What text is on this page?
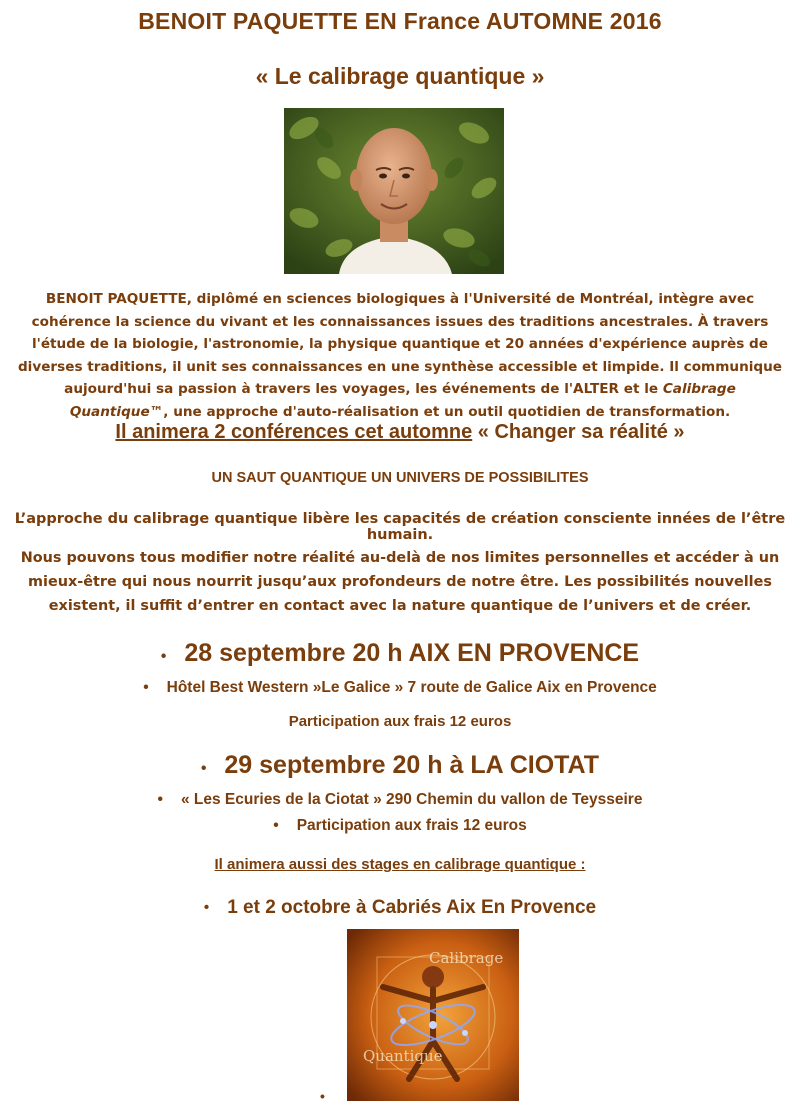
BENOIT PAQUETTE EN France AUTOMNE 2016
« Le calibrage quantique »
BENOIT PAQUETTE, diplômé en sciences biologiques à l'Université de Montréal, intègre avec cohérence la science du vivant et les connaissances issues des traditions ancestrales. À travers l'étude de la biologie, l'astronomie, la physique quantique et 20 années d'expérience auprès de diverses traditions, il unit ses connaissances en une synthèse accessible et limpide. Il communique aujourd'hui sa passion à travers les voyages, les événements de l'ALTER et le Calibrage Quantique™, une approche d'auto-réalisation et un outil quotidien de transformation.
Il animera 2 conférences cet automne « Changer sa réalité »
UN SAUT QUANTIQUE UN UNIVERS DE POSSIBILITES
L’approche du calibrage quantique libère les capacités de création consciente innées de l’être humain.
Nous pouvons tous modifier notre réalité au-delà de nos limites personnelles et accéder à un mieux-être qui nous nourrit jusqu’aux profondeurs de notre être. Les possibilités nouvelles existent, il suffit d’entrer en contact avec la nature quantique de l’univers et de créer.
• 28 septembre 20 h AIX EN PROVENCE
• Hôtel Best Western »Le Galice » 7 route de Galice Aix en Provence
Participation aux frais 12 euros
• 29 septembre 20 h à LA CIOTAT
• « Les Ecuries de la Ciotat » 290 Chemin du vallon de Teysseire
• Participation aux frais 12 euros
Il animera aussi des stages en calibrage quantique :
• 1 et 2 octobre à Cabriés Aix En Provence
Calibrage
Quantique
•
